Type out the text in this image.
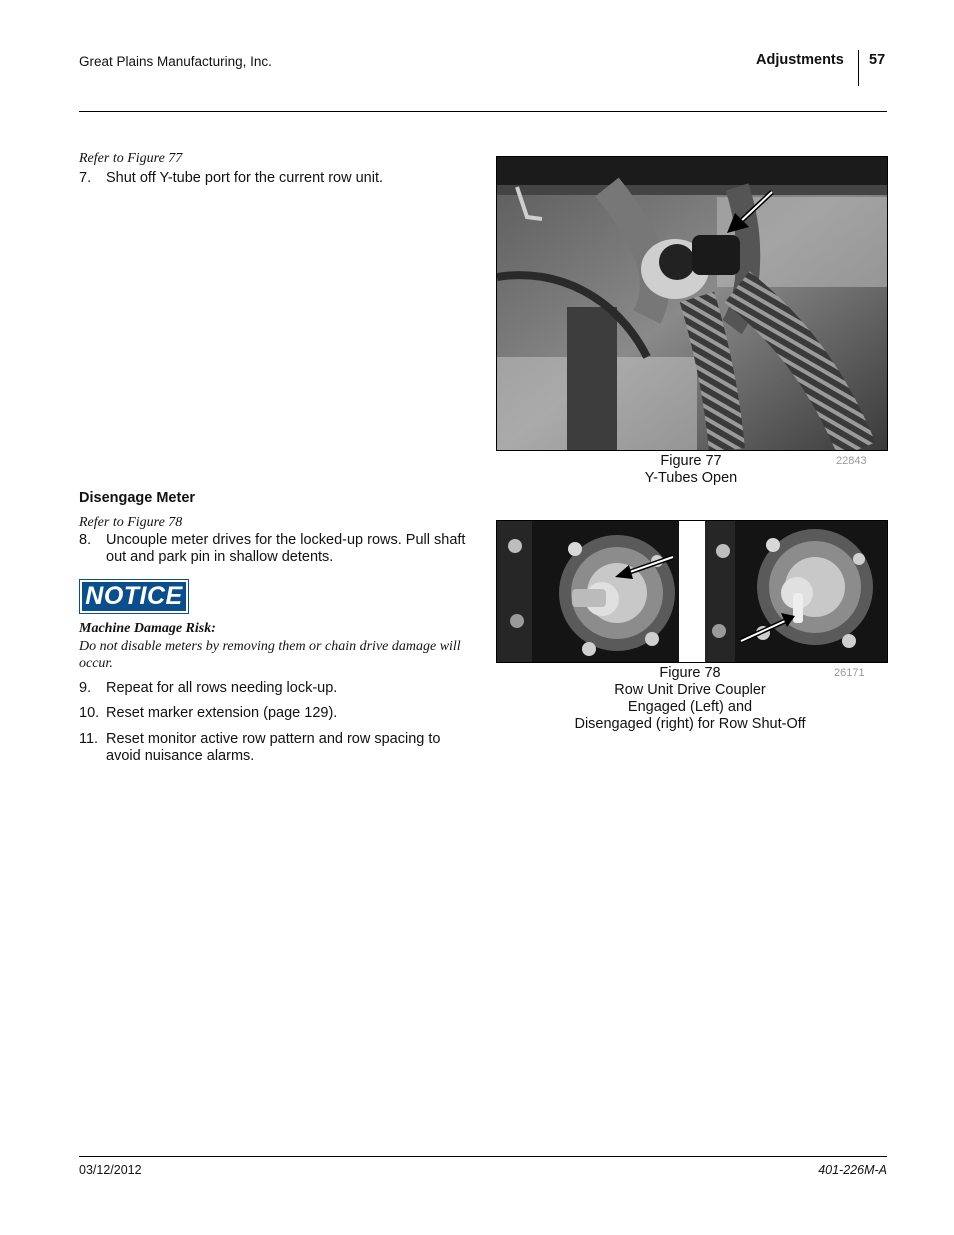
Great Plains Manufacturing, Inc.	Adjustments 57
Refer to Figure 77
7. Shut off Y-tube port for the current row unit.
Disengage Meter
Refer to Figure 78
8. Uncouple meter drives for the locked-up rows. Pull shaft out and park pin in shallow detents.
NOTICE
Machine Damage Risk:
Do not disable meters by removing them or chain drive damage will occur.
9. Repeat for all rows needing lock-up.
10. Reset marker extension (page 129).
11. Reset monitor active row pattern and row spacing to avoid nuisance alarms.
Figure 77
Y-Tubes Open
22843
Figure 78
Row Unit Drive Coupler
Engaged (Left) and
Disengaged (right) for Row Shut-Off
26171
03/12/2012	401-226M-A
